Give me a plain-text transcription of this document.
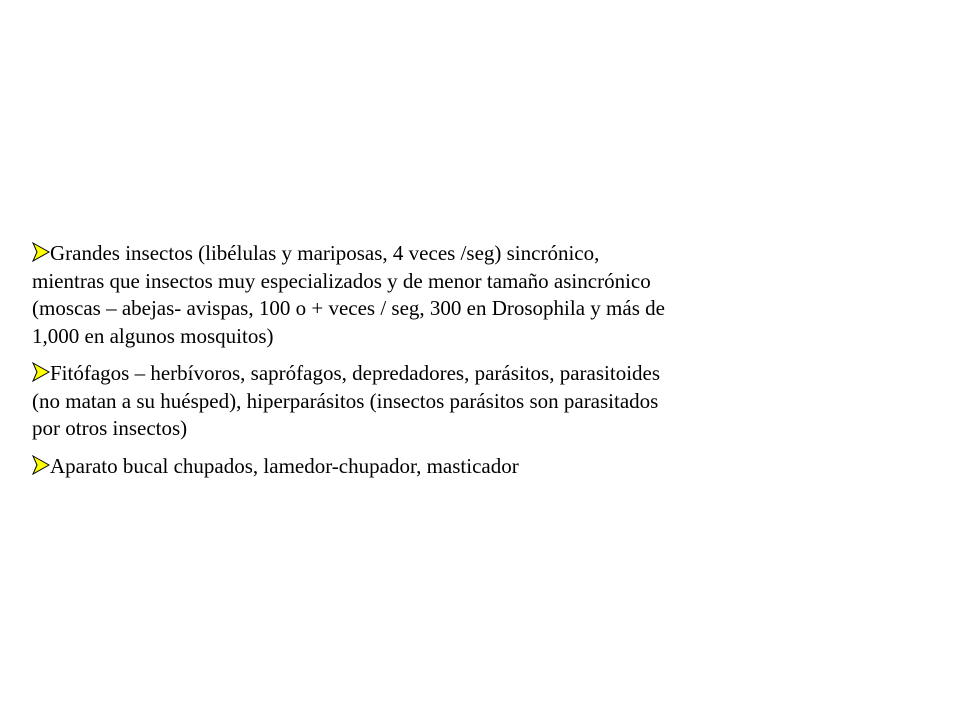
Grandes insectos (libélulas y mariposas, 4 veces /seg) sincrónico, mientras que insectos muy especializados y de menor tamaño asincrónico (moscas – abejas- avispas, 100 o + veces / seg, 300 en Drosophila y más de 1,000 en algunos mosquitos)
Fitófagos – herbívoros, saprófagos, depredadores, parásitos, parasitoides (no matan a su huésped), hiperparásitos (insectos parásitos son parasitados por otros insectos)
Aparato bucal chupados, lamedor-chupador, masticador
